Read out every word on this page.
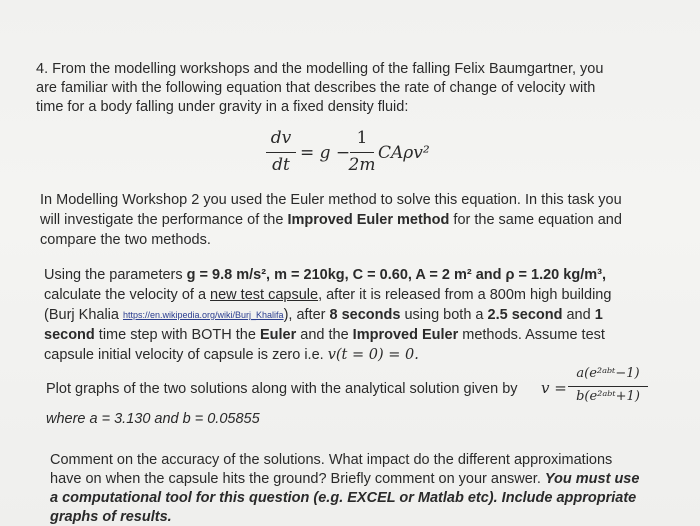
4. From the modelling workshops and the modelling of the falling Felix Baumgartner, you
are familiar with the following equation that describes the rate of change of velocity with
time for a body falling under gravity in a fixed density fluid:
dv
dt
= g −
1
2m
CAρv²
In Modelling Workshop 2 you used the Euler method to solve this equation. In this task you
will investigate the performance of the Improved Euler method for the same equation and
compare the two methods.
Using the parameters g = 9.8 m/s², m = 210kg, C = 0.60, A = 2 m² and ρ = 1.20 kg/m³,
calculate the velocity of a new test capsule, after it is released from a 800m high building
(Burj Khalia https://en.wikipedia.org/wiki/Burj_Khalifa), after 8 seconds using both a 2.5 second and 1
second time step with BOTH the Euler and the Improved Euler methods. Assume test
capsule initial velocity of capsule is zero i.e. v(t = 0) = 0.
Plot graphs of the two solutions along with the analytical solution given by v =
a(e²ᵃᵇᵗ−1)
b(e²ᵃᵇᵗ+1)
where a = 3.130 and b = 0.05855
Comment on the accuracy of the solutions. What impact do the different approximations
have on when the capsule hits the ground? Briefly comment on your answer. You must use
a computational tool for this question (e.g. EXCEL or Matlab etc). Include appropriate
graphs of results.
